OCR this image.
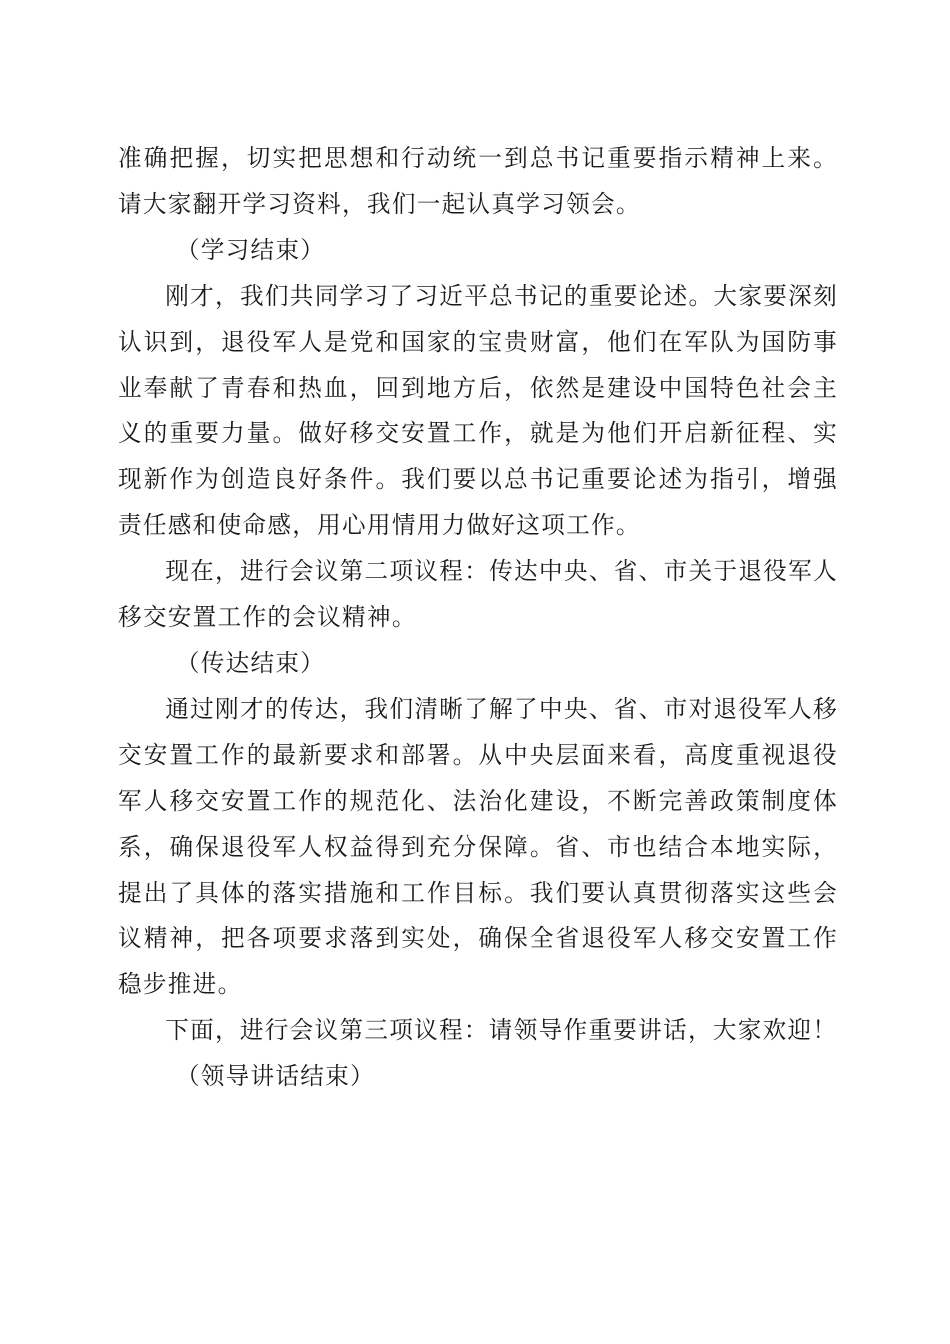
准确把握，切实把思想和行动统一到总书记重要指示精神上来。请大家翻开学习资料，我们一起认真学习领会。

（学习结束）

刚才，我们共同学习了习近平总书记的重要论述。大家要深刻认识到，退役军人是党和国家的宝贵财富，他们在军队为国防事业奉献了青春和热血，回到地方后，依然是建设中国特色社会主义的重要力量。做好移交安置工作，就是为他们开启新征程、实现新作为创造良好条件。我们要以总书记重要论述为指引，增强责任感和使命感，用心用情用力做好这项工作。

现在，进行会议第二项议程：传达中央、省、市关于退役军人移交安置工作的会议精神。

（传达结束）

通过刚才的传达，我们清晰了解了中央、省、市对退役军人移交安置工作的最新要求和部署。从中央层面来看，高度重视退役军人移交安置工作的规范化、法治化建设，不断完善政策制度体系，确保退役军人权益得到充分保障。省、市也结合本地实际，提出了具体的落实措施和工作目标。我们要认真贯彻落实这些会议精神，把各项要求落到实处，确保全省退役军人移交安置工作稳步推进。

下面，进行会议第三项议程：请领导作重要讲话，大家欢迎！

（领导讲话结束）
